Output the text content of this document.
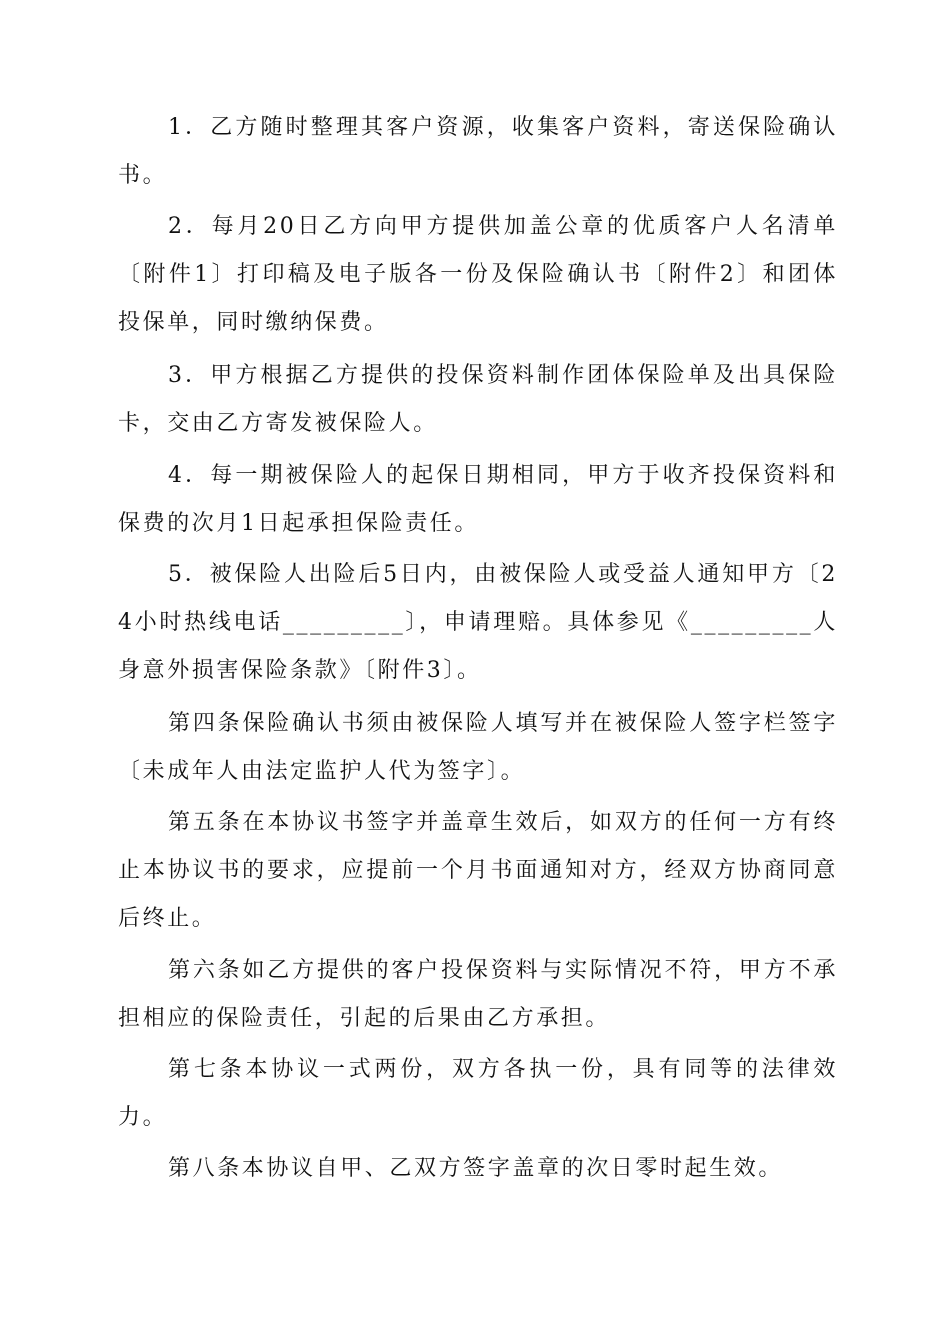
1．乙方随时整理其客户资源，收集客户资料，寄送保险确认书。

2．每月20日乙方向甲方提供加盖公章的优质客户人名清单〔附件1〕打印稿及电子版各一份及保险确认书〔附件2〕和团体投保单，同时缴纳保费。

3．甲方根据乙方提供的投保资料制作团体保险单及出具保险卡，交由乙方寄发被保险人。

4．每一期被保险人的起保日期相同，甲方于收齐投保资料和保费的次月1日起承担保险责任。

5．被保险人出险后5日内，由被保险人或受益人通知甲方〔24小时热线电话_________〕，申请理赔。具体参见《_________人身意外损害保险条款》〔附件3〕。

第四条保险确认书须由被保险人填写并在被保险人签字栏签字〔未成年人由法定监护人代为签字〕。

第五条在本协议书签字并盖章生效后，如双方的任何一方有终止本协议书的要求，应提前一个月书面通知对方，经双方协商同意后终止。

第六条如乙方提供的客户投保资料与实际情况不符，甲方不承担相应的保险责任，引起的后果由乙方承担。

第七条本协议一式两份，双方各执一份，具有同等的法律效力。

第八条本协议自甲、乙双方签字盖章的次日零时起生效。
